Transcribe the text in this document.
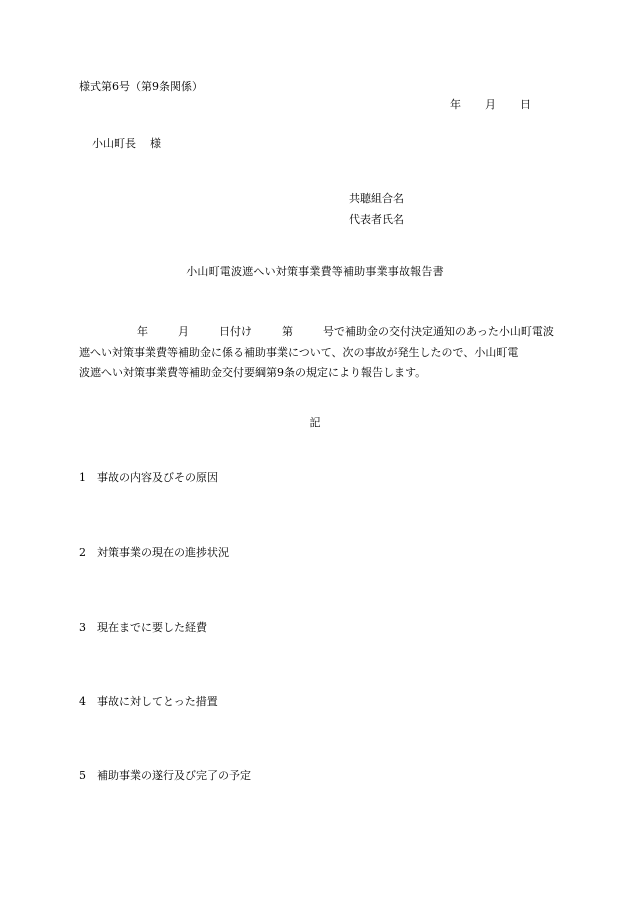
様式第6号（第9条関係）
年 月 日
小山町長 様
共聴組合名
代表者氏名
小山町電波遮へい対策事業費等補助事業事故報告書
年	月	日付け	第	号で補助金の交付決定通知のあった小山町電波
遮へい対策事業費等補助金に係る補助事業について、次の事故が発生したので、小山町電
波遮へい対策事業費等補助金交付要綱第9条の規定により報告します。
記
1 事故の内容及びその原因
2 対策事業の現在の進捗状況
3 現在までに要した経費
4 事故に対してとった措置
5 補助事業の遂行及び完了の予定
